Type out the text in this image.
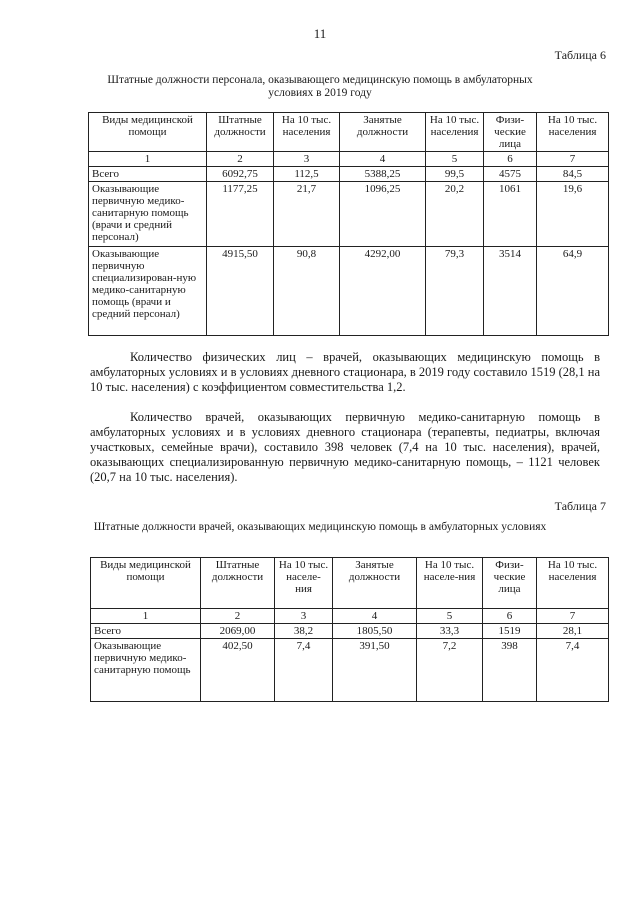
11
Таблица 6
Штатные должности персонала, оказывающего медицинскую помощь в амбулаторных условиях в 2019 году
Виды медицинской помощи	Штатные должности	На 10 тыс. населения	Занятые должности	На 10 тыс. населения	Физи-ческие лица	На 10 тыс. населения
1	2	3	4	5	6	7
Всего	6092,75	112,5	5388,25	99,5	4575	84,5
Оказывающие первичную медико-санитарную помощь (врачи и средний персонал)	1177,25	21,7	1096,25	20,2	1061	19,6
Оказывающие первичную специализирован-ную медико-санитарную помощь (врачи и средний персонал)	4915,50	90,8	4292,00	79,3	3514	64,9

Количество физических лиц – врачей, оказывающих медицинскую помощь в амбулаторных условиях и в условиях дневного стационара, в 2019 году составило 1519 (28,1 на 10 тыс. населения) с коэффициентом совместительства 1,2.

Количество врачей, оказывающих первичную медико-санитарную помощь в амбулаторных условиях и в условиях дневного стационара (терапевты, педиатры, включая участковых, семейные врачи), составило 398 человек (7,4 на 10 тыс. населения), врачей, оказывающих специализированную первичную медико-санитарную помощь, – 1121 человек (20,7 на 10 тыс. населения).

Таблица 7
Штатные должности врачей, оказывающих медицинскую помощь в амбулаторных условиях
Виды медицинской помощи	Штатные должности	На 10 тыс. населе-ния	Занятые должности	На 10 тыс. населе-ния	Физи-ческие лица	На 10 тыс. населения
1	2	3	4	5	6	7
Всего	2069,00	38,2	1805,50	33,3	1519	28,1
Оказывающие первичную медико-санитарную помощь	402,50	7,4	391,50	7,2	398	7,4
